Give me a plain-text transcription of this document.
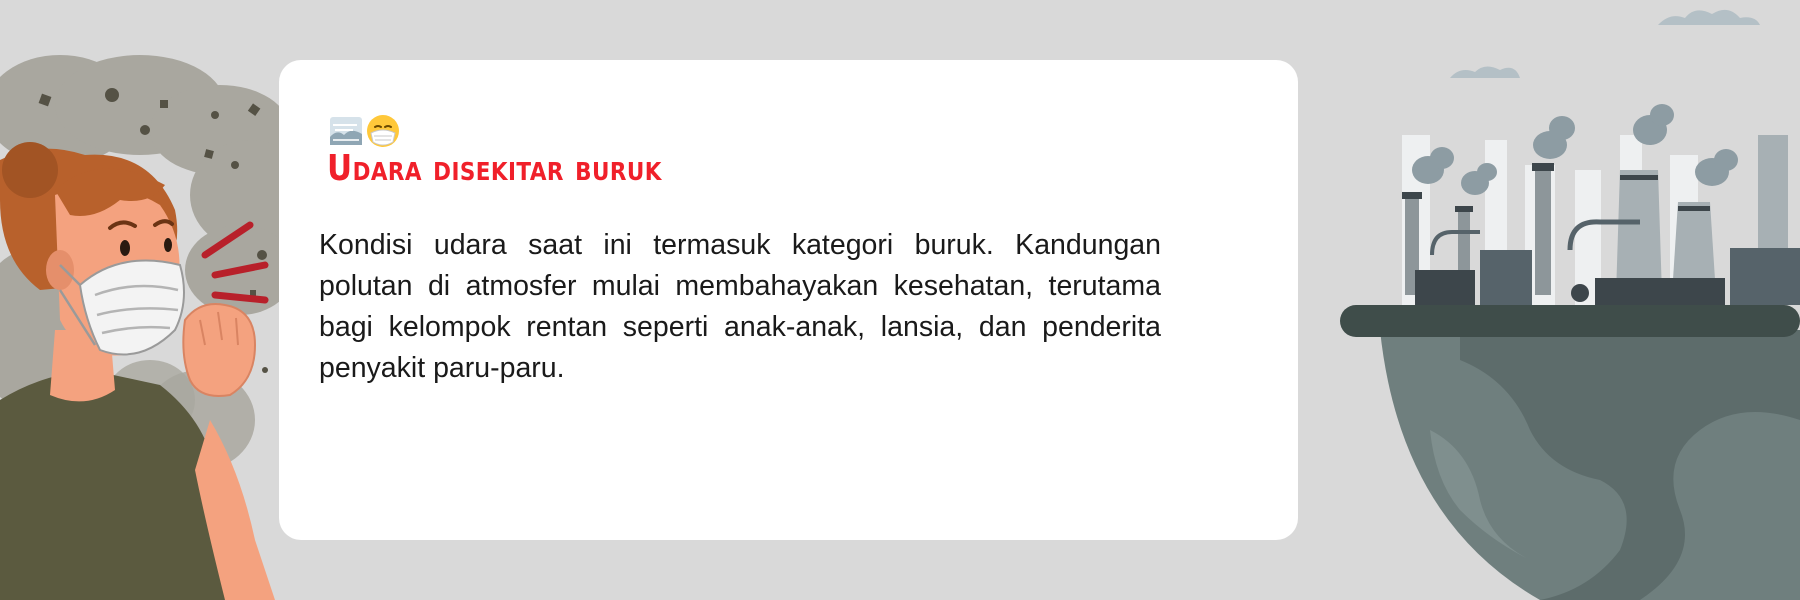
Udara disekitar buruk

Kondisi udara saat ini termasuk kategori buruk. Kandungan polutan di atmosfer mulai membahayakan kesehatan, terutama bagi kelompok rentan seperti anak-anak, lansia, dan penderita penyakit paru-paru.
